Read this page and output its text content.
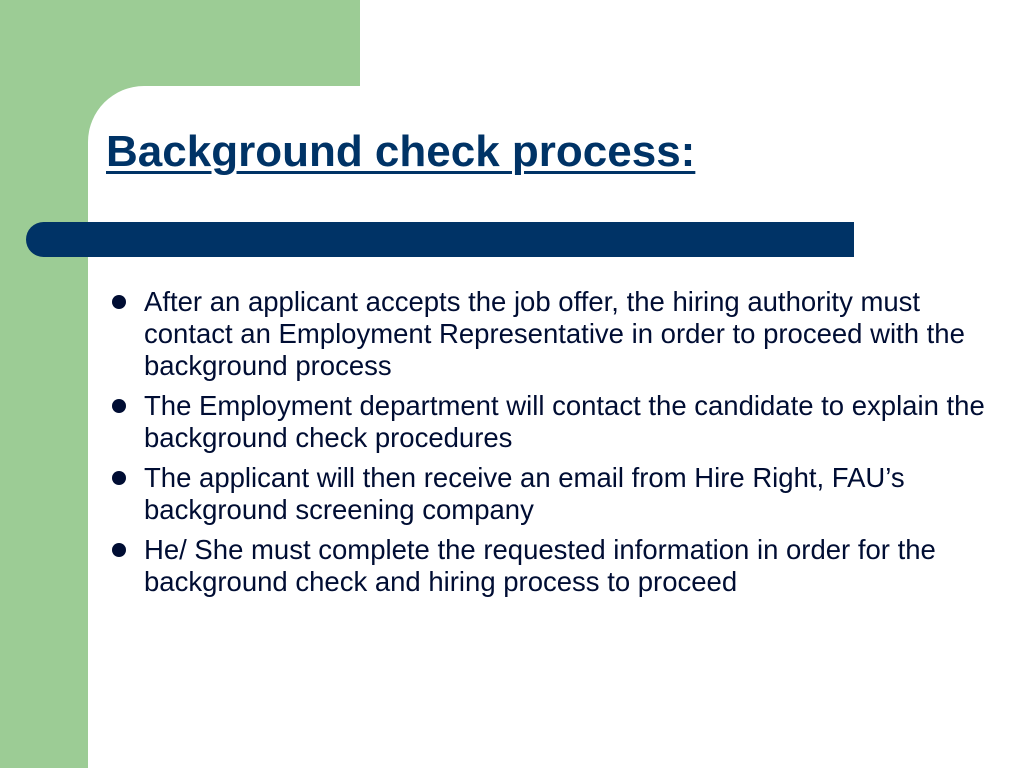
Background check process:
After an applicant accepts the job offer, the hiring authority must contact an Employment Representative in order to proceed with the background process
The Employment department will contact the candidate to explain the background check procedures
The applicant will then receive an email from Hire Right, FAU’s background screening company
He/ She must complete the requested information in order for the background check and hiring process to proceed
